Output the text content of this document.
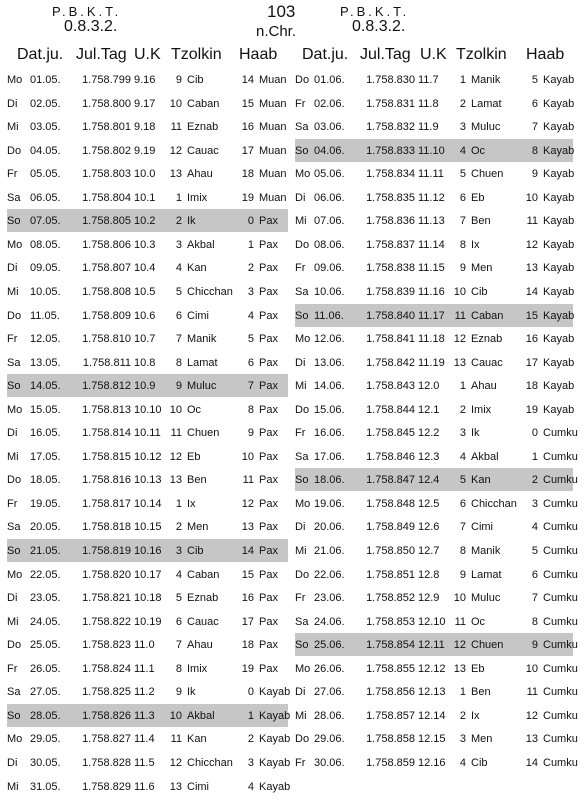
P.B.K.T.
0.8.3.2.
103
n.Chr.
P.B.K.T.
0.8.3.2.
Dat.ju. Jul.Tag U.K Tzolkin Haab Dat.ju. Jul.Tag U.K Tzolkin Haab
Mo 01.05. 1.758.799 9.16 9 Cib	14 Muan
Di 02.05. 1.758.800 9.17 10 Caban 15 Muan
Mi 03.05. 1.758.801 9.18 11 Eznab 16 Muan
Do 04.05. 1.758.802 9.19 12 Cauac 17 Muan
Fr 05.05. 1.758.803 10.0 13 Ahau	18 Muan
Sa 06.05. 1.758.804 10.1 1 Imix	19 Muan
So 07.05. 1.758.805 10.2 2 Ik	0 Pax
Mo 08.05. 1.758.806 10.3 3 Akbal	1 Pax
Di 09.05. 1.758.807 10.4 4 Kan	2 Pax
Mi 10.05. 1.758.808 10.5 5 Chicchan 3 Pax
Do 11.05. 1.758.809 10.6 6 Cimi	4 Pax
Fr 12.05. 1.758.810 10.7 7 Manik	5 Pax
Sa 13.05. 1.758.811 10.8 8 Lamat	6 Pax
So 14.05. 1.758.812 10.9 9 Muluc	7 Pax
Mo 15.05. 1.758.813 10.10 10 Oc	8 Pax
Di 16.05. 1.758.814 10.11 11 Chuen	9 Pax
Mi 17.05. 1.758.815 10.12 12 Eb	10 Pax
Do 18.05. 1.758.816 10.13 13 Ben	11 Pax
Fr 19.05. 1.758.817 10.14 1 Ix	12 Pax
Sa 20.05. 1.758.818 10.15 2 Men	13 Pax
So 21.05. 1.758.819 10.16 3 Cib	14 Pax
Mo 22.05. 1.758.820 10.17 4 Caban 15 Pax
Di 23.05. 1.758.821 10.18 5 Eznab 16 Pax
Mi 24.05. 1.758.822 10.19 6 Cauac 17 Pax
Do 25.05. 1.758.823 11.0 7 Ahau	18 Pax
Fr 26.05. 1.758.824 11.1 8 Imix	19 Pax
Sa 27.05. 1.758.825 11.2 9 Ik	0 Kayab
So 28.05. 1.758.826 11.3 10 Akbal	1 Kayab
Mo 29.05. 1.758.827 11.4 11 Kan	2 Kayab
Di 30.05. 1.758.828 11.5 12 Chicchan 3 Kayab
Mi 31.05. 1.758.829 11.6 13 Cimi	4 Kayab
Do 01.06. 1.758.830 11.7 1 Manik	5 Kayab
Fr 02.06. 1.758.831 11.8 2 Lamat	6 Kayab
Sa 03.06. 1.758.832 11.9 3 Muluc	7 Kayab
So 04.06. 1.758.833 11.10 4 Oc	8 Kayab
Mo 05.06. 1.758.834 11.11 5 Chuen	9 Kayab
Di 06.06. 1.758.835 11.12 6 Eb	10 Kayab
Mi 07.06. 1.758.836 11.13 7 Ben	11 Kayab
Do 08.06. 1.758.837 11.14 8 Ix	12 Kayab
Fr 09.06. 1.758.838 11.15 9 Men	13 Kayab
Sa 10.06. 1.758.839 11.16 10 Cib	14 Kayab
So 11.06. 1.758.840 11.17 11 Caban 15 Kayab
Mo 12.06. 1.758.841 11.18 12 Eznab 16 Kayab
Di 13.06. 1.758.842 11.19 13 Cauac 17 Kayab
Mi 14.06. 1.758.843 12.0 1 Ahau	18 Kayab
Do 15.06. 1.758.844 12.1 2 Imix	19 Kayab
Fr 16.06. 1.758.845 12.2 3 Ik	0 Cumku
Sa 17.06. 1.758.846 12.3 4 Akbal	1 Cumku
So 18.06. 1.758.847 12.4 5 Kan	2 Cumku
Mo 19.06. 1.758.848 12.5 6 Chicchan 3 Cumku
Di 20.06. 1.758.849 12.6 7 Cimi	4 Cumku
Mi 21.06. 1.758.850 12.7 8 Manik	5 Cumku
Do 22.06. 1.758.851 12.8 9 Lamat	6 Cumku
Fr 23.06. 1.758.852 12.9 10 Muluc	7 Cumku
Sa 24.06. 1.758.853 12.10 11 Oc	8 Cumku
So 25.06. 1.758.854 12.11 12 Chuen	9 Cumku
Mo 26.06. 1.758.855 12.12 13 Eb	10 Cumku
Di 27.06. 1.758.856 12.13 1 Ben	11 Cumku
Mi 28.06. 1.758.857 12.14 2 Ix	12 Cumku
Do 29.06. 1.758.858 12.15 3 Men	13 Cumku
Fr 30.06. 1.758.859 12.16 4 Cib	14 Cumku
